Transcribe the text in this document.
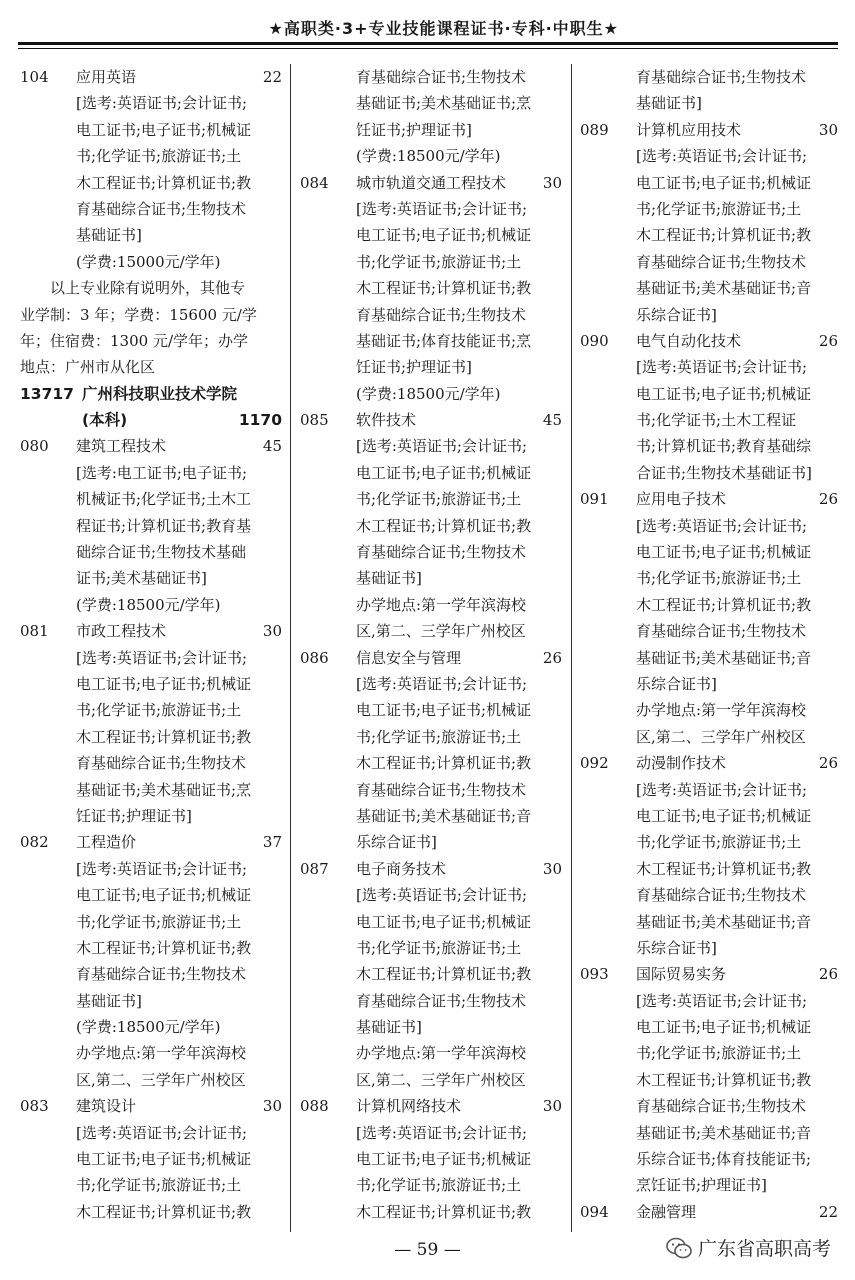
★高职类·3+专业技能课程证书·专科·中职生★
104	应用英语	22
[选考:英语证书;会计证书;
电工证书;电子证书;机械证
书;化学证书;旅游证书;土
木工程证书;计算机证书;教
育基础综合证书;生物技术
基础证书]
(学费:15000元/学年)
以上专业除有说明外，其他专
业学制：3 年；学费：15600 元/学
年；住宿费：1300 元/学年；办学
地点：广州市从化区
13717 广州科技职业技术学院
(本科)	1170
080	建筑工程技术	45
[选考:电工证书;电子证书;
机械证书;化学证书;土木工
程证书;计算机证书;教育基
础综合证书;生物技术基础
证书;美术基础证书]
(学费:18500元/学年)
081	市政工程技术	30
[选考:英语证书;会计证书;
电工证书;电子证书;机械证
书;化学证书;旅游证书;土
木工程证书;计算机证书;教
育基础综合证书;生物技术
基础证书;美术基础证书;烹
饪证书;护理证书]
082	工程造价	37
[选考:英语证书;会计证书;
电工证书;电子证书;机械证
书;化学证书;旅游证书;土
木工程证书;计算机证书;教
育基础综合证书;生物技术
基础证书]
(学费:18500元/学年)
办学地点:第一学年滨海校
区,第二、三学年广州校区
083	建筑设计	30
[选考:英语证书;会计证书;
电工证书;电子证书;机械证
书;化学证书;旅游证书;土
木工程证书;计算机证书;教
育基础综合证书;生物技术
基础证书;美术基础证书;烹
饪证书;护理证书]
(学费:18500元/学年)
084	城市轨道交通工程技术	30
[选考:英语证书;会计证书;
电工证书;电子证书;机械证
书;化学证书;旅游证书;土
木工程证书;计算机证书;教
育基础综合证书;生物技术
基础证书;体育技能证书;烹
饪证书;护理证书]
(学费:18500元/学年)
085	软件技术	45
[选考:英语证书;会计证书;
电工证书;电子证书;机械证
书;化学证书;旅游证书;土
木工程证书;计算机证书;教
育基础综合证书;生物技术
基础证书]
办学地点:第一学年滨海校
区,第二、三学年广州校区
086	信息安全与管理	26
[选考:英语证书;会计证书;
电工证书;电子证书;机械证
书;化学证书;旅游证书;土
木工程证书;计算机证书;教
育基础综合证书;生物技术
基础证书;美术基础证书;音
乐综合证书]
087	电子商务技术	30
[选考:英语证书;会计证书;
电工证书;电子证书;机械证
书;化学证书;旅游证书;土
木工程证书;计算机证书;教
育基础综合证书;生物技术
基础证书]
办学地点:第一学年滨海校
区,第二、三学年广州校区
088	计算机网络技术	30
[选考:英语证书;会计证书;
电工证书;电子证书;机械证
书;化学证书;旅游证书;土
木工程证书;计算机证书;教
育基础综合证书;生物技术
基础证书]
089	计算机应用技术	30
[选考:英语证书;会计证书;
电工证书;电子证书;机械证
书;化学证书;旅游证书;土
木工程证书;计算机证书;教
育基础综合证书;生物技术
基础证书;美术基础证书;音
乐综合证书]
090	电气自动化技术	26
[选考:英语证书;会计证书;
电工证书;电子证书;机械证
书;化学证书;土木工程证
书;计算机证书;教育基础综
合证书;生物技术基础证书]
091	应用电子技术	26
[选考:英语证书;会计证书;
电工证书;电子证书;机械证
书;化学证书;旅游证书;土
木工程证书;计算机证书;教
育基础综合证书;生物技术
基础证书;美术基础证书;音
乐综合证书]
办学地点:第一学年滨海校
区,第二、三学年广州校区
092	动漫制作技术	26
[选考:英语证书;会计证书;
电工证书;电子证书;机械证
书;化学证书;旅游证书;土
木工程证书;计算机证书;教
育基础综合证书;生物技术
基础证书;美术基础证书;音
乐综合证书]
093	国际贸易实务	26
[选考:英语证书;会计证书;
电工证书;电子证书;机械证
书;化学证书;旅游证书;土
木工程证书;计算机证书;教
育基础综合证书;生物技术
基础证书;美术基础证书;音
乐综合证书;体育技能证书;
烹饪证书;护理证书]
094	金融管理	22
— 59 —	广东省高职高考
